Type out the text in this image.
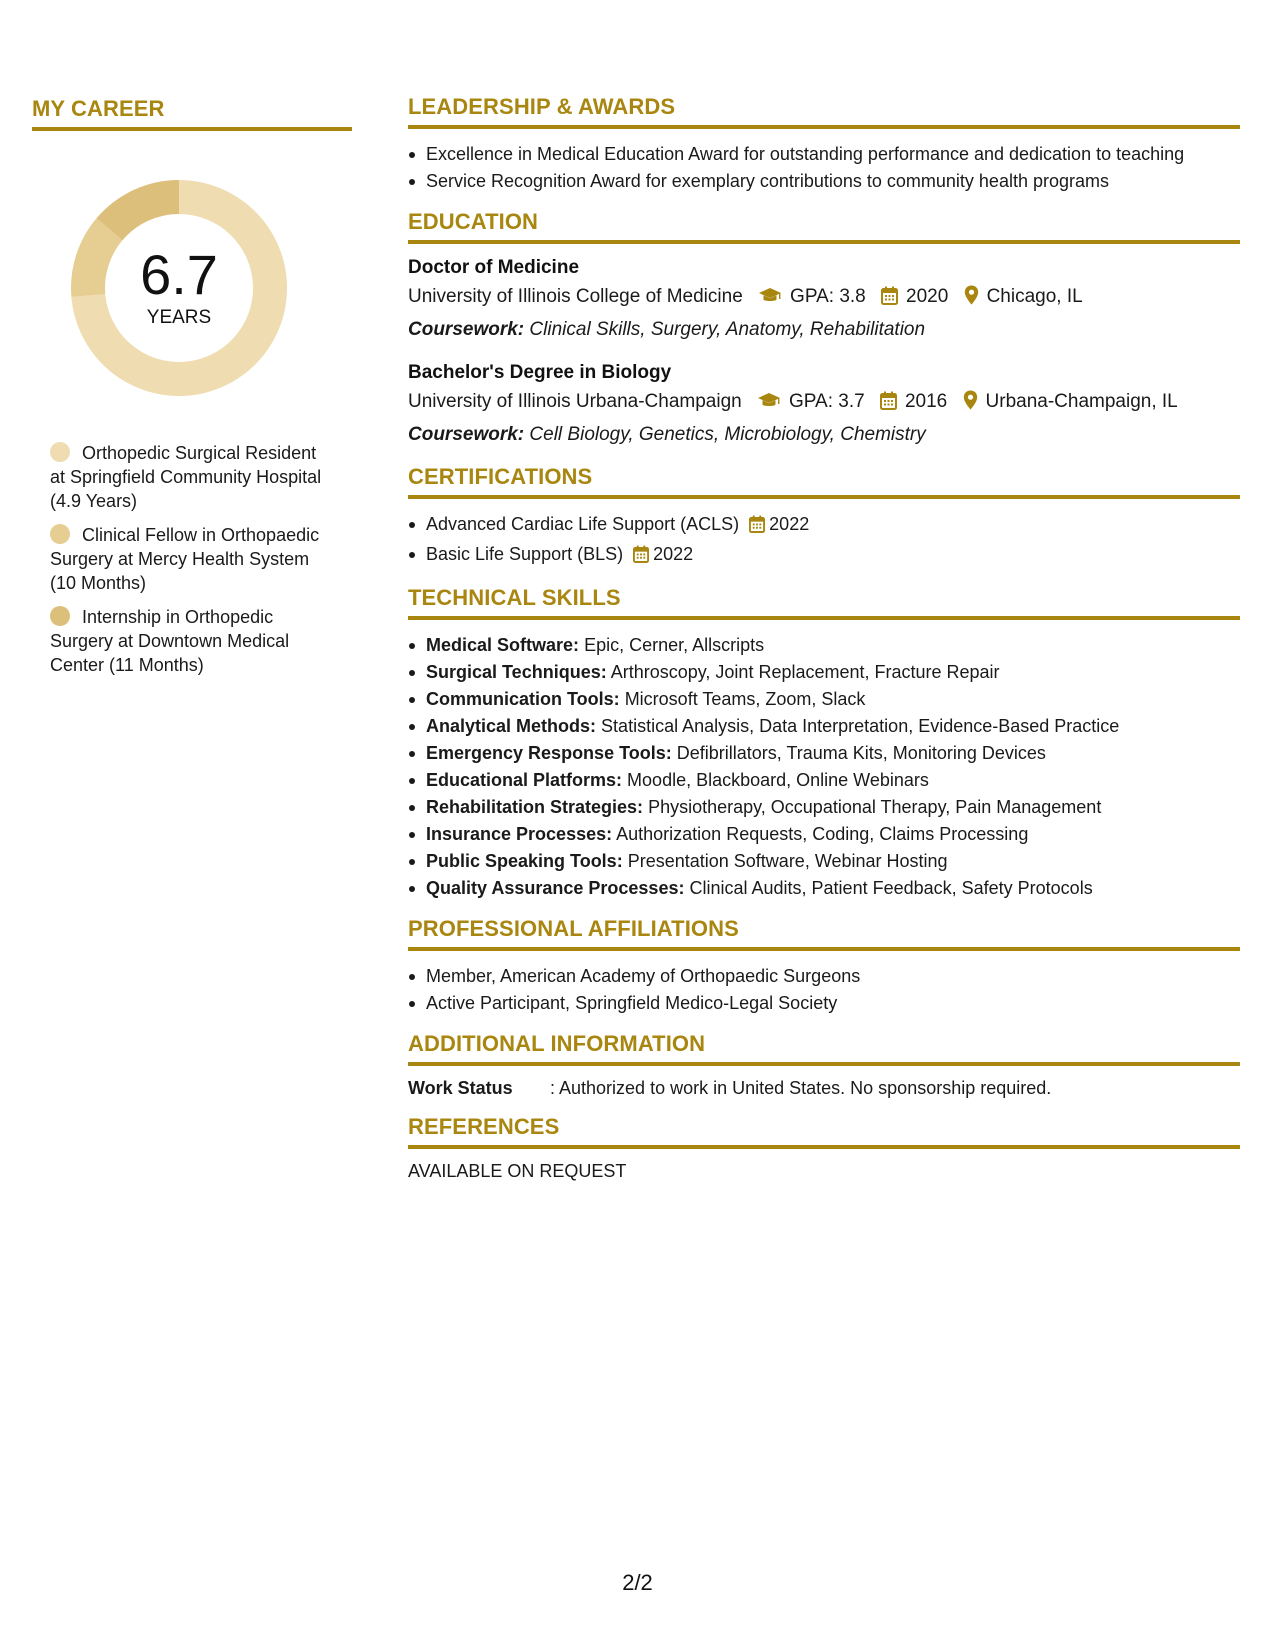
MY CAREER
6.7
YEARS
Orthopedic Surgical Resident at Springfield Community Hospital (4.9 Years)
Clinical Fellow in Orthopaedic Surgery at Mercy Health System (10 Months)
Internship in Orthopedic Surgery at Downtown Medical Center (11 Months)
LEADERSHIP & AWARDS
Excellence in Medical Education Award for outstanding performance and dedication to teaching
Service Recognition Award for exemplary contributions to community health programs
EDUCATION
Doctor of Medicine
University of Illinois College of Medicine GPA: 3.8 2020 Chicago, IL
Coursework: Clinical Skills, Surgery, Anatomy, Rehabilitation
Bachelor's Degree in Biology
University of Illinois Urbana-Champaign GPA: 3.7 2016 Urbana-Champaign, IL
Coursework: Cell Biology, Genetics, Microbiology, Chemistry
CERTIFICATIONS
Advanced Cardiac Life Support (ACLS) 2022
Basic Life Support (BLS) 2022
TECHNICAL SKILLS
Medical Software: Epic, Cerner, Allscripts
Surgical Techniques: Arthroscopy, Joint Replacement, Fracture Repair
Communication Tools: Microsoft Teams, Zoom, Slack
Analytical Methods: Statistical Analysis, Data Interpretation, Evidence-Based Practice
Emergency Response Tools: Defibrillators, Trauma Kits, Monitoring Devices
Educational Platforms: Moodle, Blackboard, Online Webinars
Rehabilitation Strategies: Physiotherapy, Occupational Therapy, Pain Management
Insurance Processes: Authorization Requests, Coding, Claims Processing
Public Speaking Tools: Presentation Software, Webinar Hosting
Quality Assurance Processes: Clinical Audits, Patient Feedback, Safety Protocols
PROFESSIONAL AFFILIATIONS
Member, American Academy of Orthopaedic Surgeons
Active Participant, Springfield Medico-Legal Society
ADDITIONAL INFORMATION
Work Status : Authorized to work in United States. No sponsorship required.
REFERENCES
AVAILABLE ON REQUEST
2/2
